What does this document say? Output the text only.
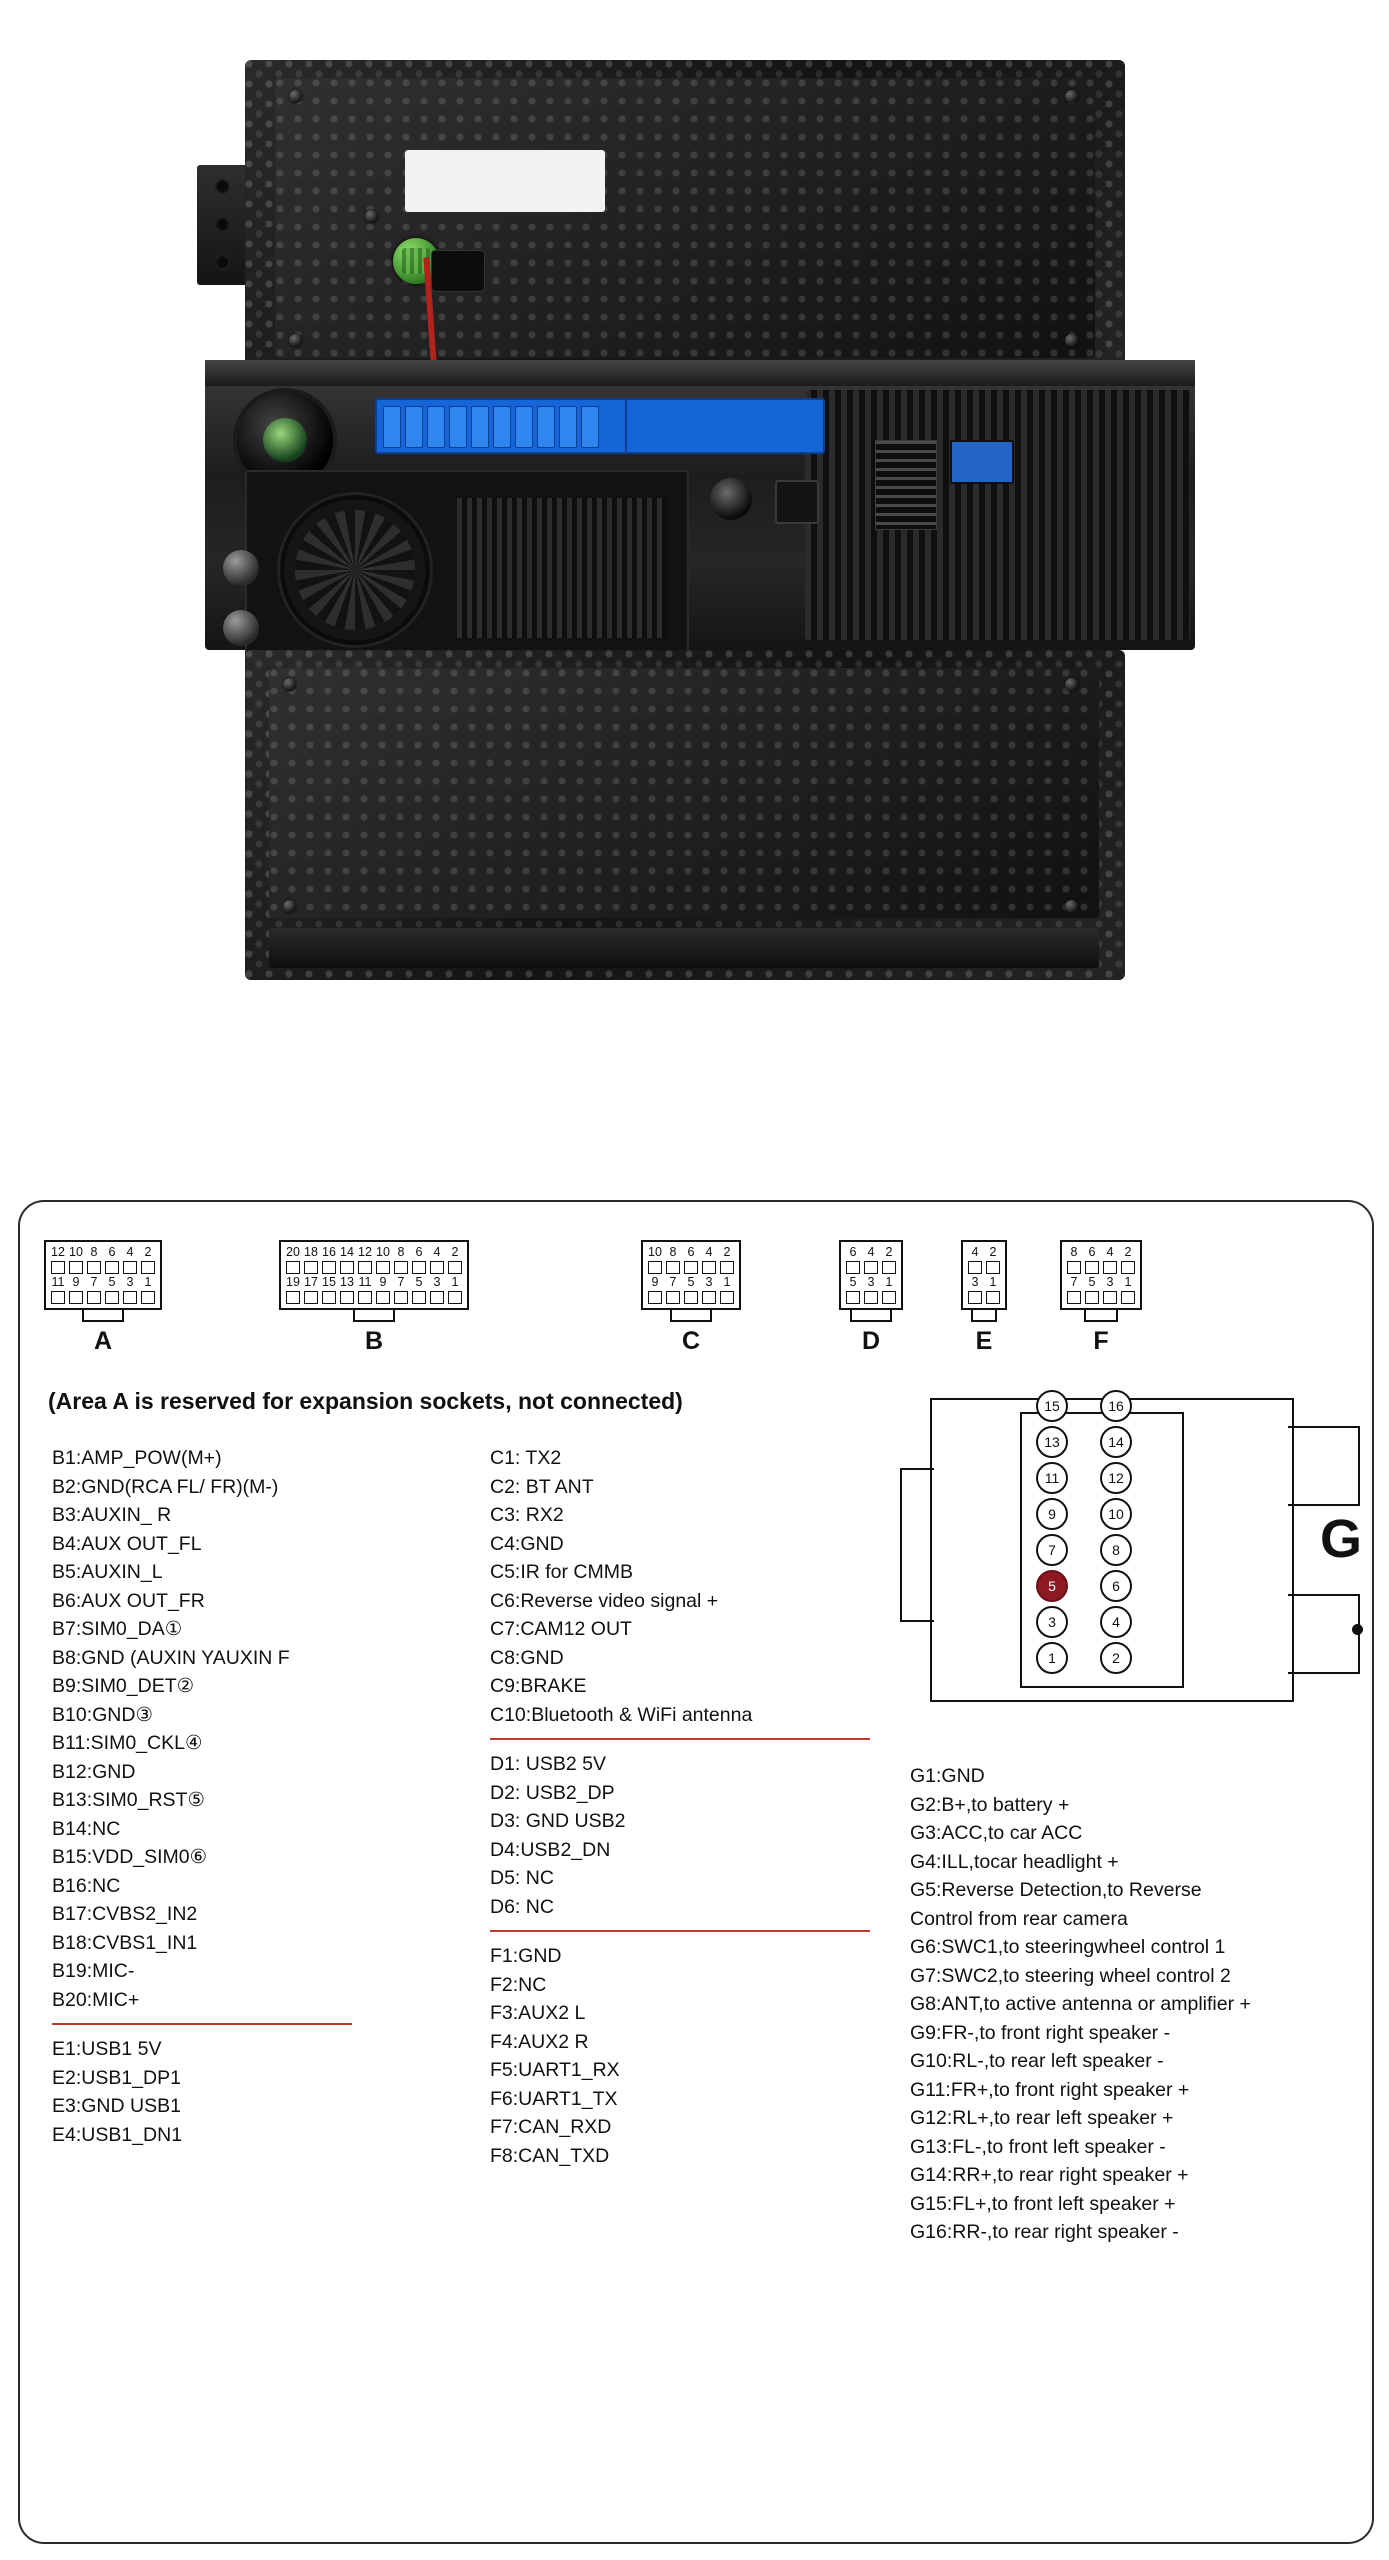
12 10 8 6 4 2
11 9 7 5 3 1
A
20 18 16 14 12 10 8 6 4 2
19 17 15 13 11 9 7 5 3 1
B
10 8 6 4 2
9 7 5 3 1
C
6 4 2
5 3 1
D
4 2
3 1
E
8 6 4 2
7 5 3 1
F
(Area A is reserved for expansion sockets, not connected)
B1:AMP_POW(M+)
B2:GND(RCA FL/ FR)(M-)
B3:AUXIN_ R
B4:AUX OUT_FL
B5:AUXIN_L
B6:AUX OUT_FR
B7:SIM0_DA①
B8:GND (AUXIN YAUXIN F
B9:SIM0_DET②
B10:GND③
B11:SIM0_CKL④
B12:GND
B13:SIM0_RST⑤
B14:NC
B15:VDD_SIM0⑥
B16:NC
B17:CVBS2_IN2
B18:CVBS1_IN1
B19:MIC-
B20:MIC+
E1:USB1 5V
E2:USB1_DP1
E3:GND USB1
E4:USB1_DN1
C1: TX2
C2: BT ANT
C3: RX2
C4:GND
C5:IR for CMMB
C6:Reverse video signal +
C7:CAM12 OUT
C8:GND
C9:BRAKE
C10:Bluetooth & WiFi antenna
D1: USB2 5V
D2: USB2_DP
D3: GND USB2
D4:USB2_DN
D5: NC
D6: NC
F1:GND
F2:NC
F3:AUX2 L
F4:AUX2 R
F5:UART1_RX
F6:UART1_TX
F7:CAN_RXD
F8:CAN_TXD
1	2
3	4
5	6
7	8
9	10
11	12
13	14
15	16
G
G1:GND
G2:B+,to battery +
G3:ACC,to car ACC
G4:ILL,tocar headlight +
G5:Reverse Detection,to Reverse
Control from rear camera
G6:SWC1,to steeringwheel control 1
G7:SWC2,to steering wheel control 2
G8:ANT,to active antenna or amplifier +
G9:FR-,to front right speaker -
G10:RL-,to rear left speaker -
G11:FR+,to front right speaker +
G12:RL+,to rear left speaker +
G13:FL-,to front left speaker -
G14:RR+,to rear right speaker +
G15:FL+,to front left speaker +
G16:RR-,to rear right speaker -
